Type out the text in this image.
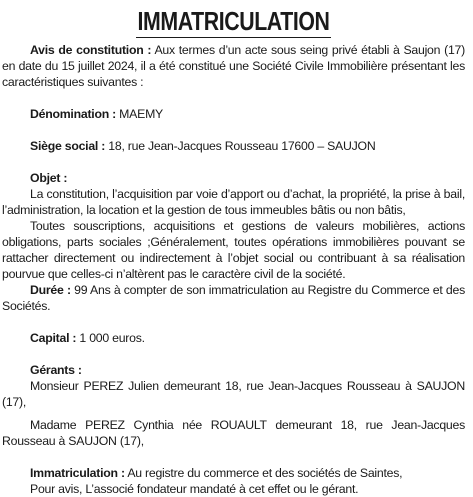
IMMATRICULATION

Avis de constitution : Aux termes d’un acte sous seing privé établi à Saujon (17) en date du 15 juillet 2024, il a été constitué une Société Civile Immobilière présentant les caractéristiques suivantes :

Dénomination : MAEMY

Siège social : 18, rue Jean-Jacques Rousseau 17600 – SAUJON

Objet :

La constitution, l’acquisition par voie d’apport ou d’achat, la propriété, la prise à bail, l’administration, la location et la gestion de tous immeubles bâtis ou non bâtis,

Toutes souscriptions, acquisitions et gestions de valeurs mobilières, actions obligations, parts sociales ;Généralement, toutes opérations immobilières pouvant se rattacher directement ou indirectement à l’objet social ou contribuant à sa réalisation pourvue que celles-ci n’altèrent pas le caractère civil de la société.

Durée : 99 Ans à compter de son immatriculation au Registre du Commerce et des Sociétés.

Capital : 1 000 euros.

Gérants :

Monsieur PEREZ Julien demeurant 18, rue Jean-Jacques Rousseau à SAUJON (17),

Madame PEREZ Cynthia née ROUAULT demeurant 18, rue Jean-Jacques Rousseau à SAUJON (17),

Immatriculation : Au registre du commerce et des sociétés de Saintes,

Pour avis, L’associé fondateur mandaté à cet effet ou le gérant.
